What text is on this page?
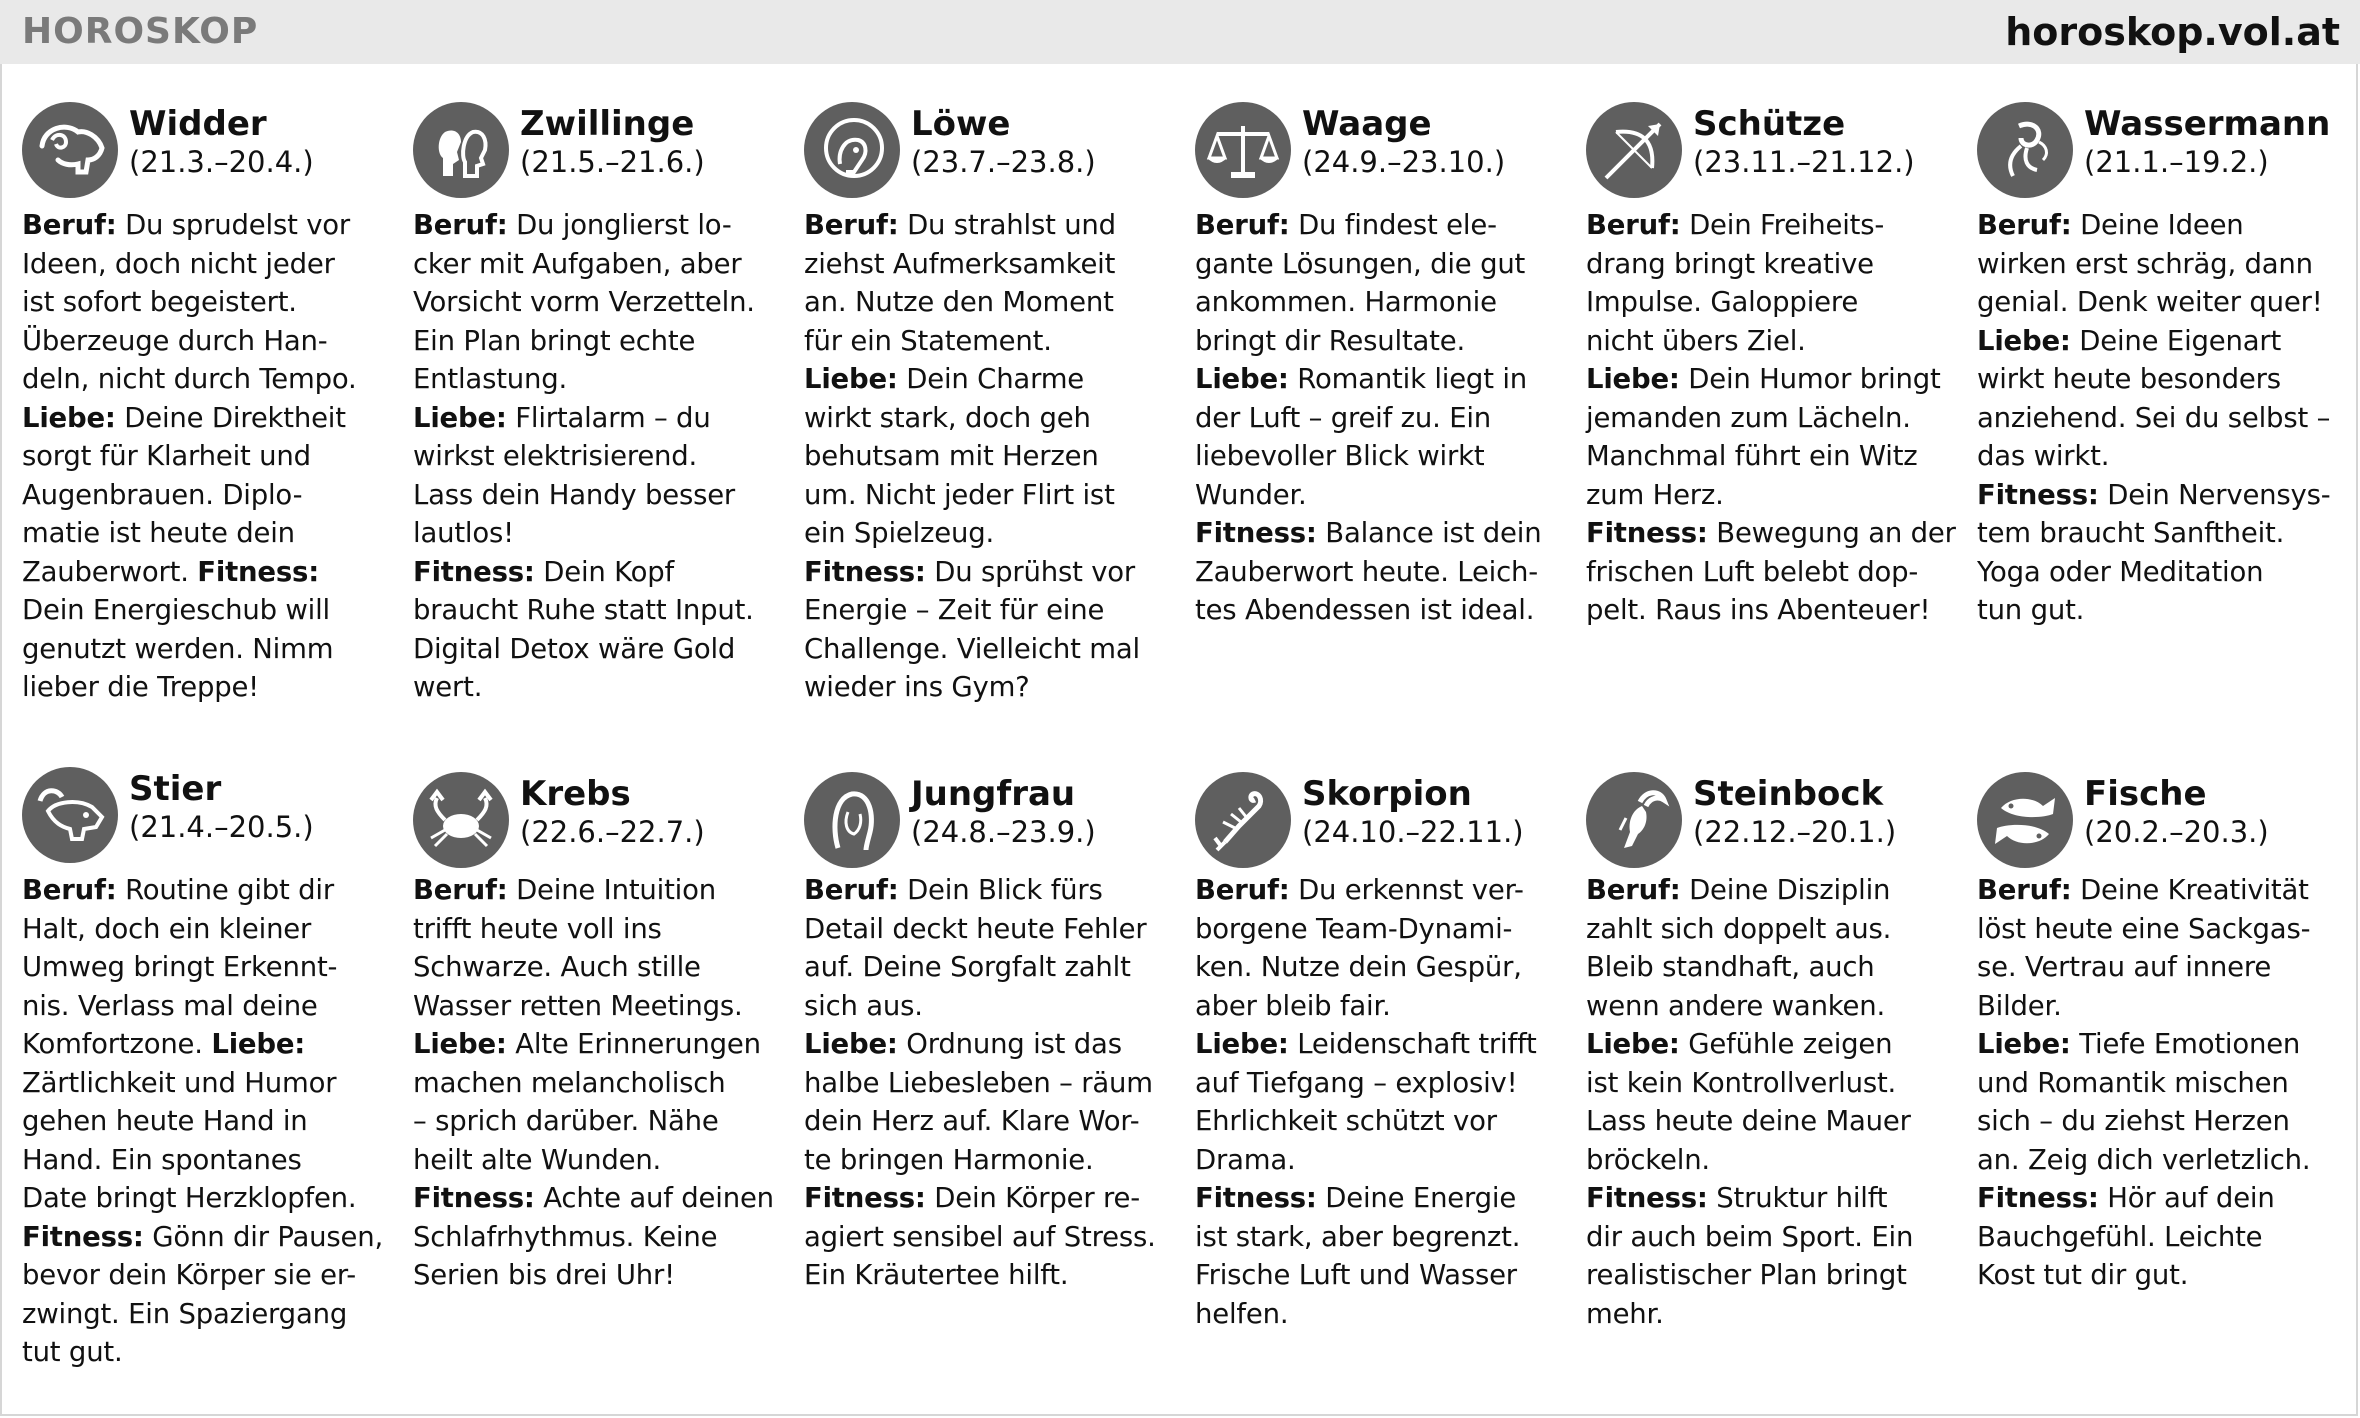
HOROSKOP	horoskop.vol.at
Widder
(21.3.–20.4.)
Beruf: Du sprudelst vor
Ideen, doch nicht jeder
ist sofort begeistert.
Überzeuge durch Han-
deln, nicht durch Tempo.
Liebe: Deine Direktheit
sorgt für Klarheit und
Augenbrauen. Diplo-
matie ist heute dein
Zauberwort. Fitness:
Dein Energieschub will
genutzt werden. Nimm
lieber die Treppe!
Zwillinge
(21.5.–21.6.)
Beruf: Du jonglierst lo-
cker mit Aufgaben, aber
Vorsicht vorm Verzetteln.
Ein Plan bringt echte
Entlastung.
Liebe: Flirtalarm – du
wirkst elektrisierend.
Lass dein Handy besser
lautlos!
Fitness: Dein Kopf
braucht Ruhe statt Input.
Digital Detox wäre Gold
wert.
Löwe
(23.7.–23.8.)
Beruf: Du strahlst und
ziehst Aufmerksamkeit
an. Nutze den Moment
für ein Statement.
Liebe: Dein Charme
wirkt stark, doch geh
behutsam mit Herzen
um. Nicht jeder Flirt ist
ein Spielzeug.
Fitness: Du sprühst vor
Energie – Zeit für eine
Challenge. Vielleicht mal
wieder ins Gym?
Waage
(24.9.–23.10.)
Beruf: Du findest ele-
gante Lösungen, die gut
ankommen. Harmonie
bringt dir Resultate.
Liebe: Romantik liegt in
der Luft – greif zu. Ein
liebevoller Blick wirkt
Wunder.
Fitness: Balance ist dein
Zauberwort heute. Leich-
tes Abendessen ist ideal.
Schütze
(23.11.–21.12.)
Beruf: Dein Freiheits-
drang bringt kreative
Impulse. Galoppiere
nicht übers Ziel.
Liebe: Dein Humor bringt
jemanden zum Lächeln.
Manchmal führt ein Witz
zum Herz.
Fitness: Bewegung an der
frischen Luft belebt dop-
pelt. Raus ins Abenteuer!
Wassermann
(21.1.–19.2.)
Beruf: Deine Ideen
wirken erst schräg, dann
genial. Denk weiter quer!
Liebe: Deine Eigenart
wirkt heute besonders
anziehend. Sei du selbst –
das wirkt.
Fitness: Dein Nervensys-
tem braucht Sanftheit.
Yoga oder Meditation
tun gut.
Stier
(21.4.–20.5.)
Beruf: Routine gibt dir
Halt, doch ein kleiner
Umweg bringt Erkennt-
nis. Verlass mal deine
Komfortzone. Liebe:
Zärtlichkeit und Humor
gehen heute Hand in
Hand. Ein spontanes
Date bringt Herzklopfen.
Fitness: Gönn dir Pausen,
bevor dein Körper sie er-
zwingt. Ein Spaziergang
tut gut.
Krebs
(22.6.–22.7.)
Beruf: Deine Intuition
trifft heute voll ins
Schwarze. Auch stille
Wasser retten Meetings.
Liebe: Alte Erinnerungen
machen melancholisch
– sprich darüber. Nähe
heilt alte Wunden.
Fitness: Achte auf deinen
Schlafrhythmus. Keine
Serien bis drei Uhr!
Jungfrau
(24.8.–23.9.)
Beruf: Dein Blick fürs
Detail deckt heute Fehler
auf. Deine Sorgfalt zahlt
sich aus.
Liebe: Ordnung ist das
halbe Liebesleben – räum
dein Herz auf. Klare Wor-
te bringen Harmonie.
Fitness: Dein Körper re-
agiert sensibel auf Stress.
Ein Kräutertee hilft.
Skorpion
(24.10.–22.11.)
Beruf: Du erkennst ver-
borgene Team-Dynami-
ken. Nutze dein Gespür,
aber bleib fair.
Liebe: Leidenschaft trifft
auf Tiefgang – explosiv!
Ehrlichkeit schützt vor
Drama.
Fitness: Deine Energie
ist stark, aber begrenzt.
Frische Luft und Wasser
helfen.
Steinbock
(22.12.–20.1.)
Beruf: Deine Disziplin
zahlt sich doppelt aus.
Bleib standhaft, auch
wenn andere wanken.
Liebe: Gefühle zeigen
ist kein Kontrollverlust.
Lass heute deine Mauer
bröckeln.
Fitness: Struktur hilft
dir auch beim Sport. Ein
realistischer Plan bringt
mehr.
Fische
(20.2.–20.3.)
Beruf: Deine Kreativität
löst heute eine Sackgas-
se. Vertrau auf innere
Bilder.
Liebe: Tiefe Emotionen
und Romantik mischen
sich – du ziehst Herzen
an. Zeig dich verletzlich.
Fitness: Hör auf dein
Bauchgefühl. Leichte
Kost tut dir gut.
